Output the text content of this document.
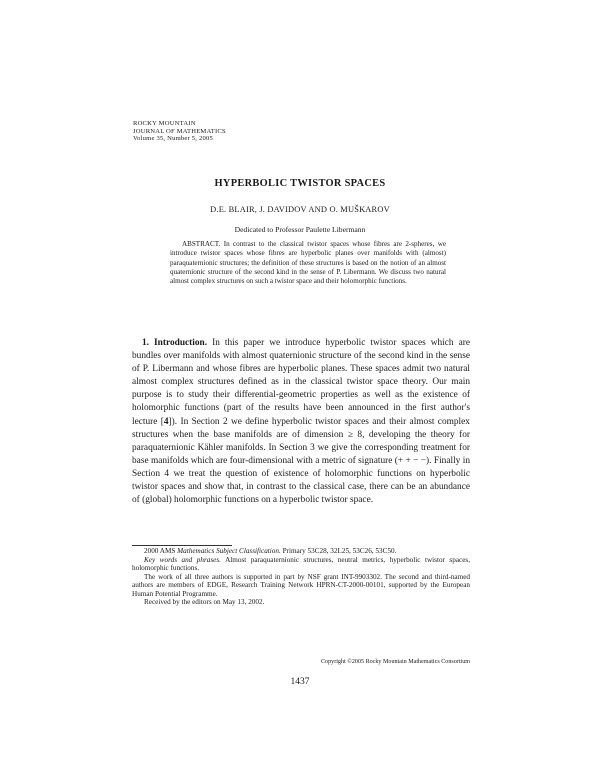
ROCKY MOUNTAIN
JOURNAL OF MATHEMATICS
Volume 35, Number 5, 2005
HYPERBOLIC TWISTOR SPACES
D.E. BLAIR, J. DAVIDOV AND O. MUŠKAROV
Dedicated to Professor Paulette Libermann
ABSTRACT. In contrast to the classical twistor spaces whose fibres are 2-spheres, we introduce twistor spaces whose fibres are hyperbolic planes over manifolds with (almost) paraquaternionic structures; the definition of these structures is based on the notion of an almost quaternionic structure of the second kind in the sense of P. Libermann. We discuss two natural almost complex structures on such a twistor space and their holomorphic functions.
1. Introduction. In this paper we introduce hyperbolic twistor spaces which are bundles over manifolds with almost quaternionic structure of the second kind in the sense of P. Libermann and whose fibres are hyperbolic planes. These spaces admit two natural almost complex structures defined as in the classical twistor space theory. Our main purpose is to study their differential-geometric properties as well as the existence of holomorphic functions (part of the results have been announced in the first author's lecture [4]). In Section 2 we define hyperbolic twistor spaces and their almost complex structures when the base manifolds are of dimension ≥ 8, developing the theory for paraquaternionic Kähler manifolds. In Section 3 we give the corresponding treatment for base manifolds which are four-dimensional with a metric of signature (+ + − −). Finally in Section 4 we treat the question of existence of holomorphic functions on hyperbolic twistor spaces and show that, in contrast to the classical case, there can be an abundance of (global) holomorphic functions on a hyperbolic twistor space.

2000 AMS Mathematics Subject Classification. Primary 53C28, 32L25, 53C26, 53C50.

Key words and phrases. Almost paraquaternionic structures, neutral metrics, hyperbolic twistor spaces, holomorphic functions.

The work of all three authors is supported in part by NSF grant INT-9903302. The second and third-named authors are members of EDGE, Research Training Network HPRN-CT-2000-00101, supported by the European Human Potential Programme.

Received by the editors on May 13, 2002.

Copyright ©2005 Rocky Mountain Mathematics Consortium
1437
